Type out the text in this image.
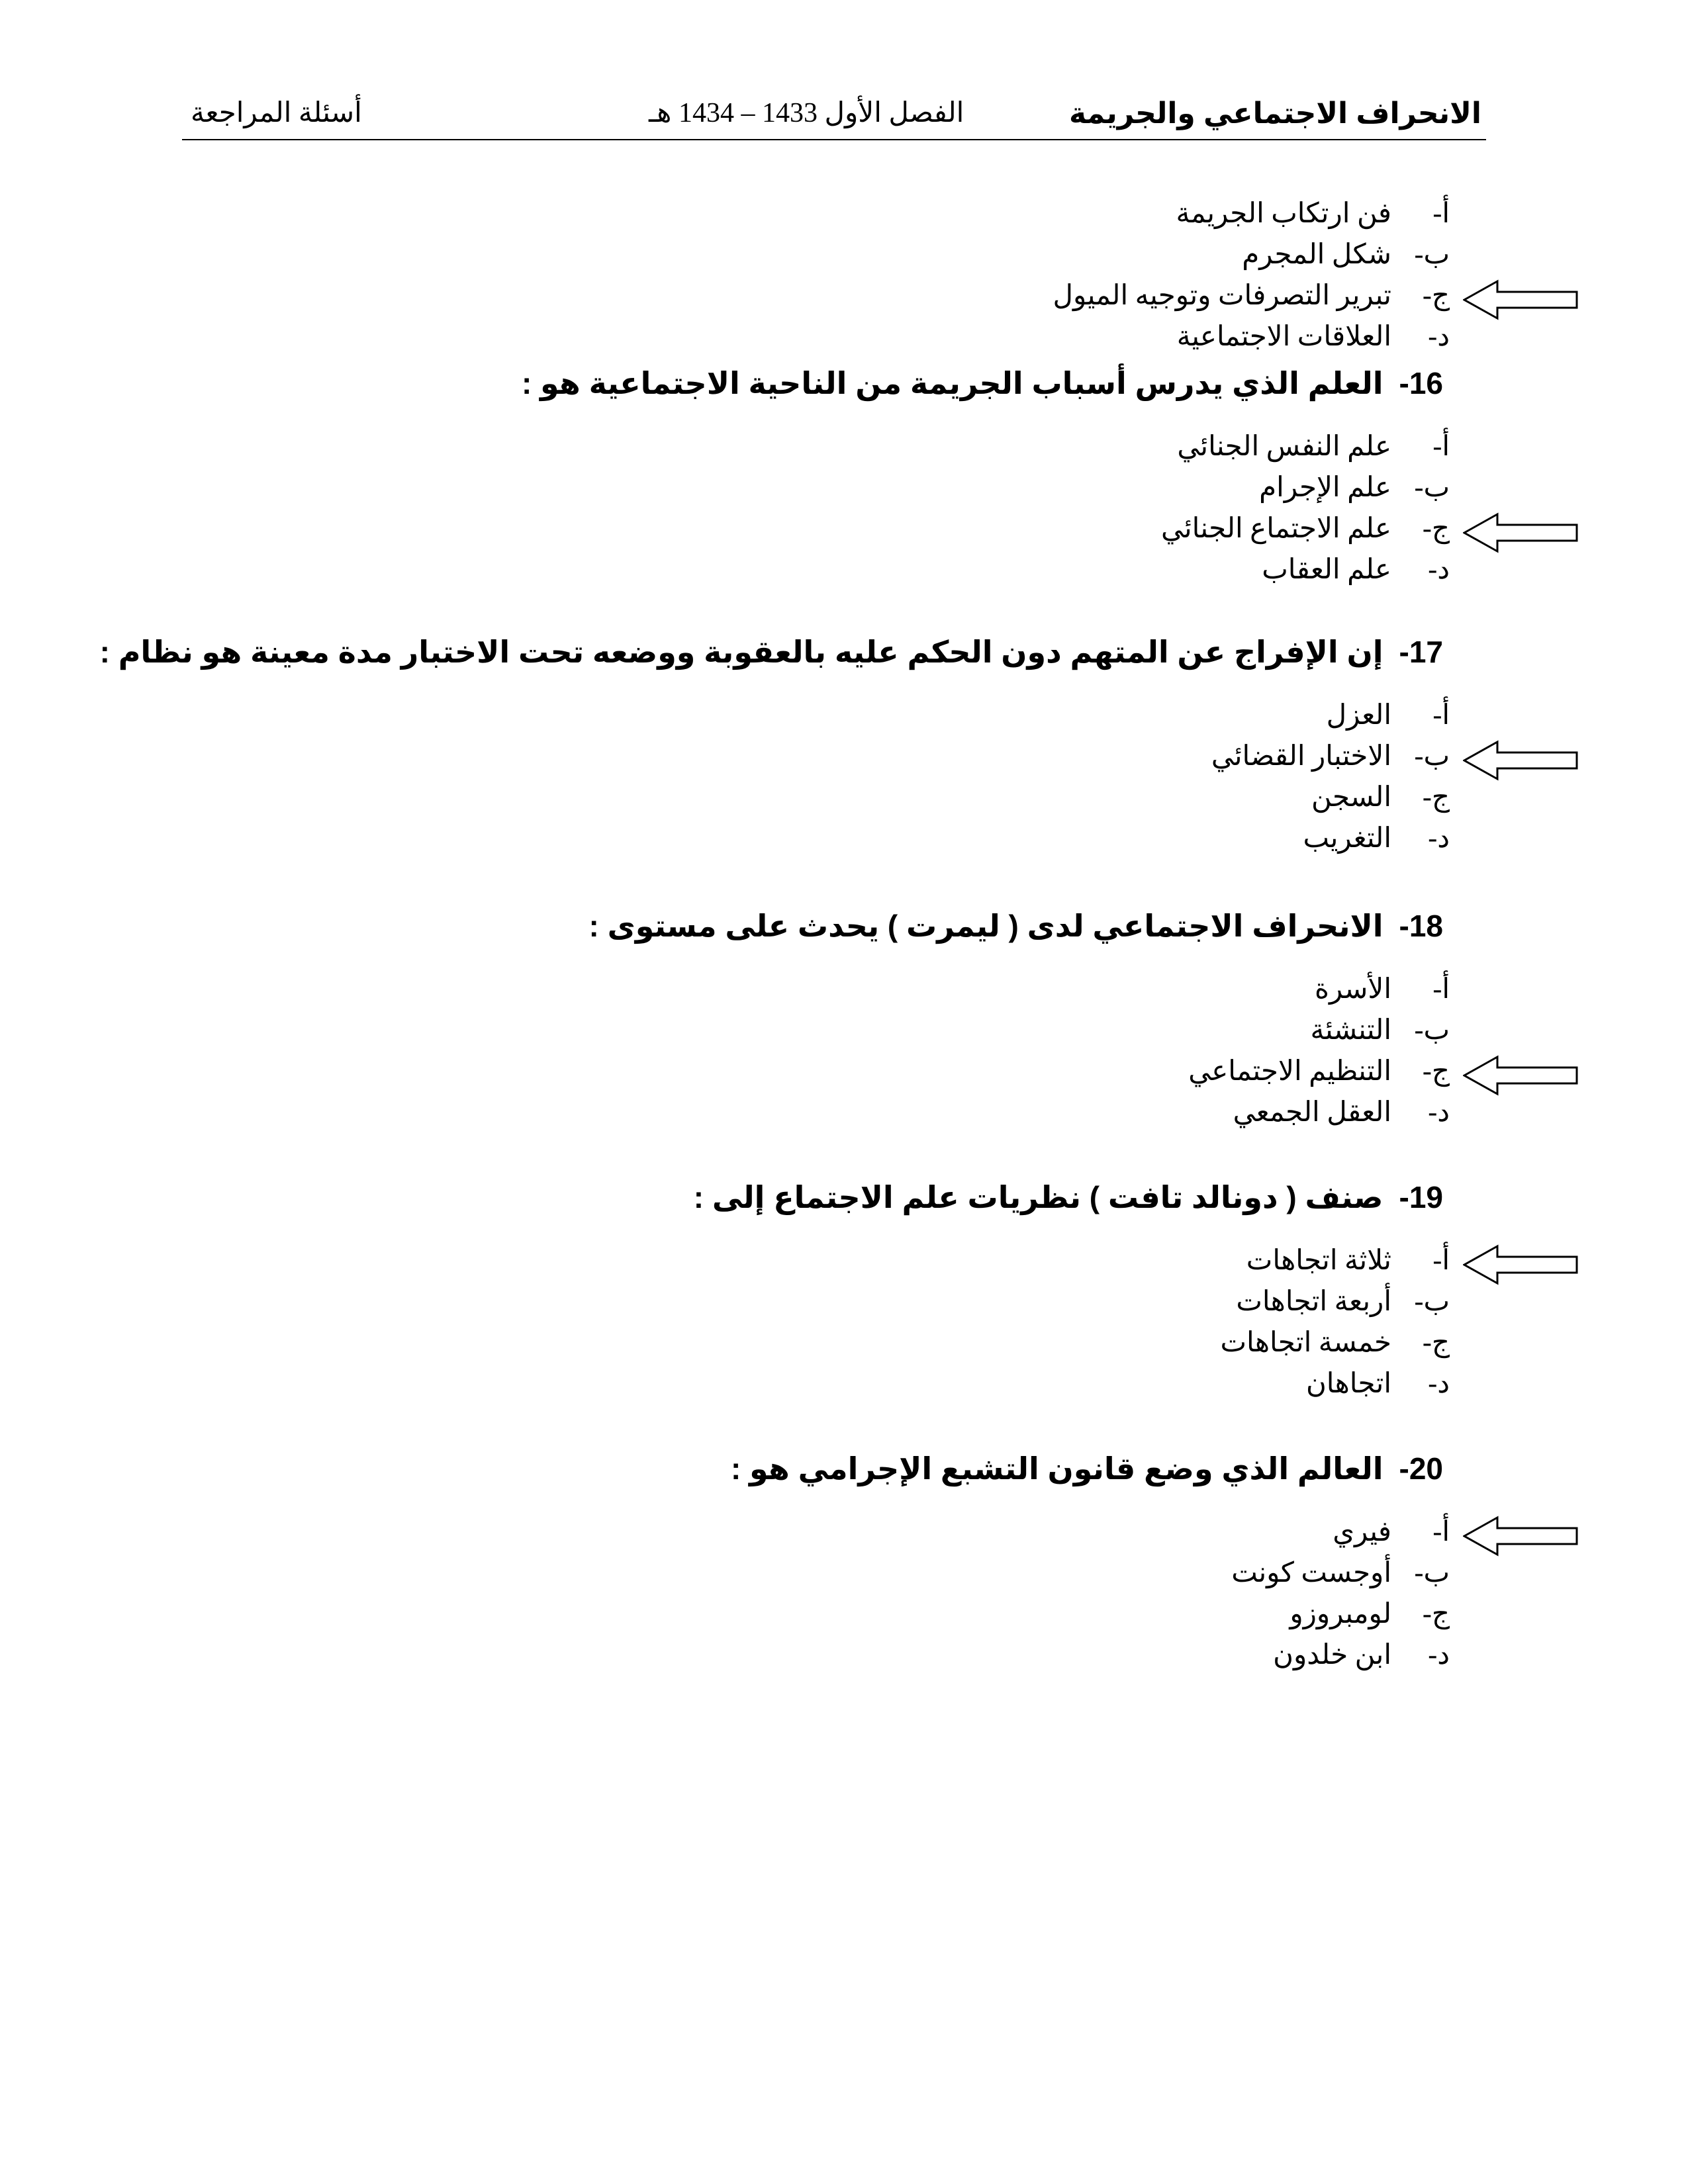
الانحراف الاجتماعي والجريمة
الفصل الأول 1433 – 1434 هـ
أسئلة المراجعة
أ-فن ارتكاب الجريمة
ب-شكل المجرم
ج-تبرير التصرفات وتوجيه الميول
د-العلاقات الاجتماعية
16-العلم الذي يدرس أسباب الجريمة من الناحية الاجتماعية هو :
أ-علم النفس الجنائي
ب-علم الإجرام
ج-علم الاجتماع الجنائي
د-علم العقاب
17-إن الإفراج عن المتهم دون الحكم عليه بالعقوبة ووضعه تحت الاختبار مدة معينة هو نظام :
أ-العزل
ب-الاختبار القضائي
ج-السجن
د-التغريب
18-الانحراف الاجتماعي لدى ( ليمرت ) يحدث على مستوى :
أ-الأسرة
ب-التنشئة
ج-التنظيم الاجتماعي
د-العقل الجمعي
19-صنف ( دونالد تافت ) نظريات علم الاجتماع إلى :
أ-ثلاثة اتجاهات
ب-أربعة اتجاهات
ج-خمسة اتجاهات
د-اتجاهان
20-العالم الذي وضع قانون التشبع الإجرامي هو :
أ-فيري
ب-أوجست كونت
ج-لومبروزو
د-ابن خلدون
